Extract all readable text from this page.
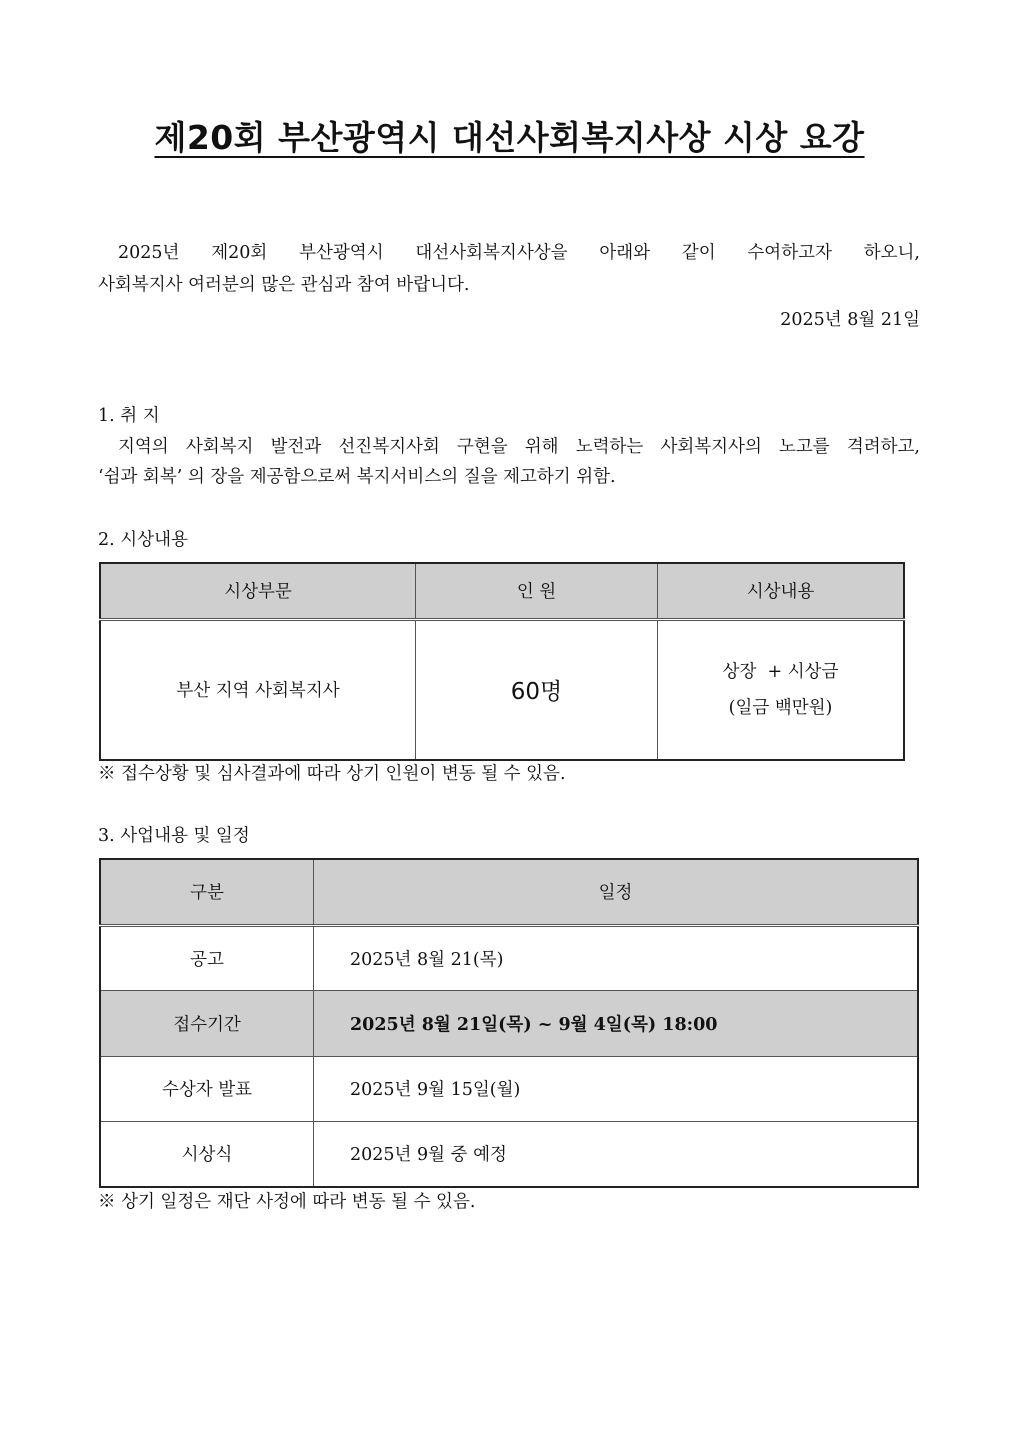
제20회 부산광역시 대선사회복지사상 시상 요강
2025년 제20회 부산광역시 대선사회복지사상을 아래와 같이 수여하고자 하오니,
사회복지사 여러분의 많은 관심과 참여 바랍니다.
2025년 8월 21일
1. 취 지
지역의 사회복지 발전과 선진복지사회 구현을 위해 노력하는 사회복지사의 노고를 격려하고,
‘쉼과 회복’ 의 장을 제공함으로써 복지서비스의 질을 제고하기 위함.
2. 시상내용
시상부문	인 원	시상내용
부산 지역 사회복지사	60명	상장  + 시상금
(일금 백만원)
※ 접수상황 및 심사결과에 따라 상기 인원이 변동 될 수 있음.
3. 사업내용 및 일정
구분	일정
공고	2025년 8월 21(목)
접수기간	2025년 8월 21일(목) ~ 9월 4일(목) 18:00
수상자 발표	2025년 9월 15일(월)
시상식	2025년 9월 중 예정
※ 상기 일정은 재단 사정에 따라 변동 될 수 있음.
